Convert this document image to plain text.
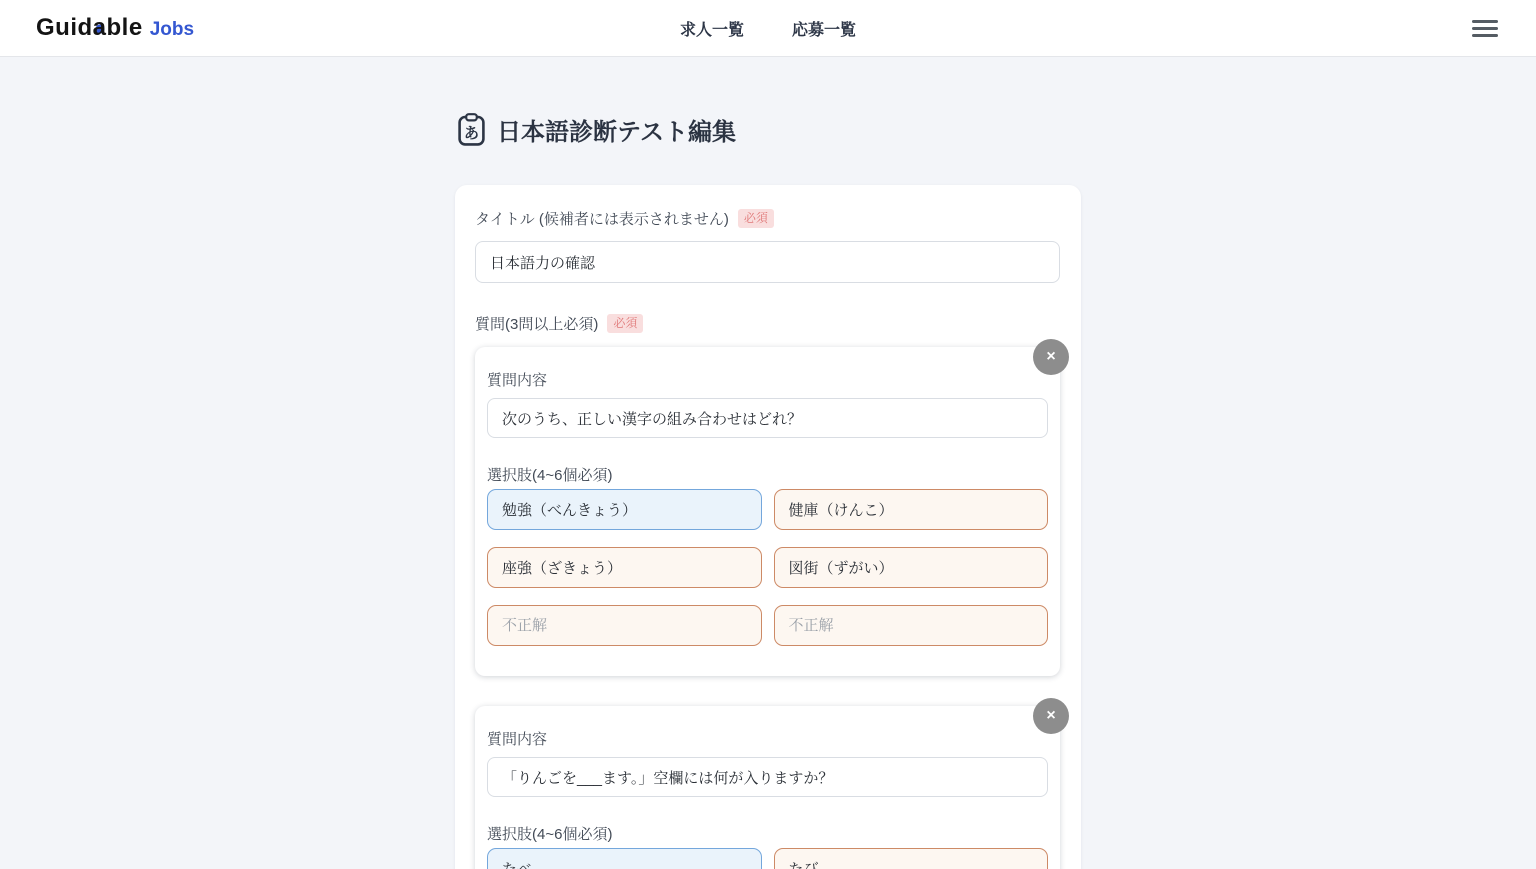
Guidable Jobs	求人一覧	応募一覧
あ 日本語診断テスト編集
タイトル (候補者には表示されません)	必須
日本語力の確認
質問(3問以上必須)	必須
×
質問内容
次のうち、正しい漢字の組み合わせはどれ？
選択肢(4~6個必須)
勉強（べんきょう）
健庫（けんこ）
座強（ざきょう）
図街（ずがい）
不正解
不正解
×
質問内容
「りんごを___ます。」空欄には何が入りますか？
選択肢(4~6個必須)
たべ
たび
